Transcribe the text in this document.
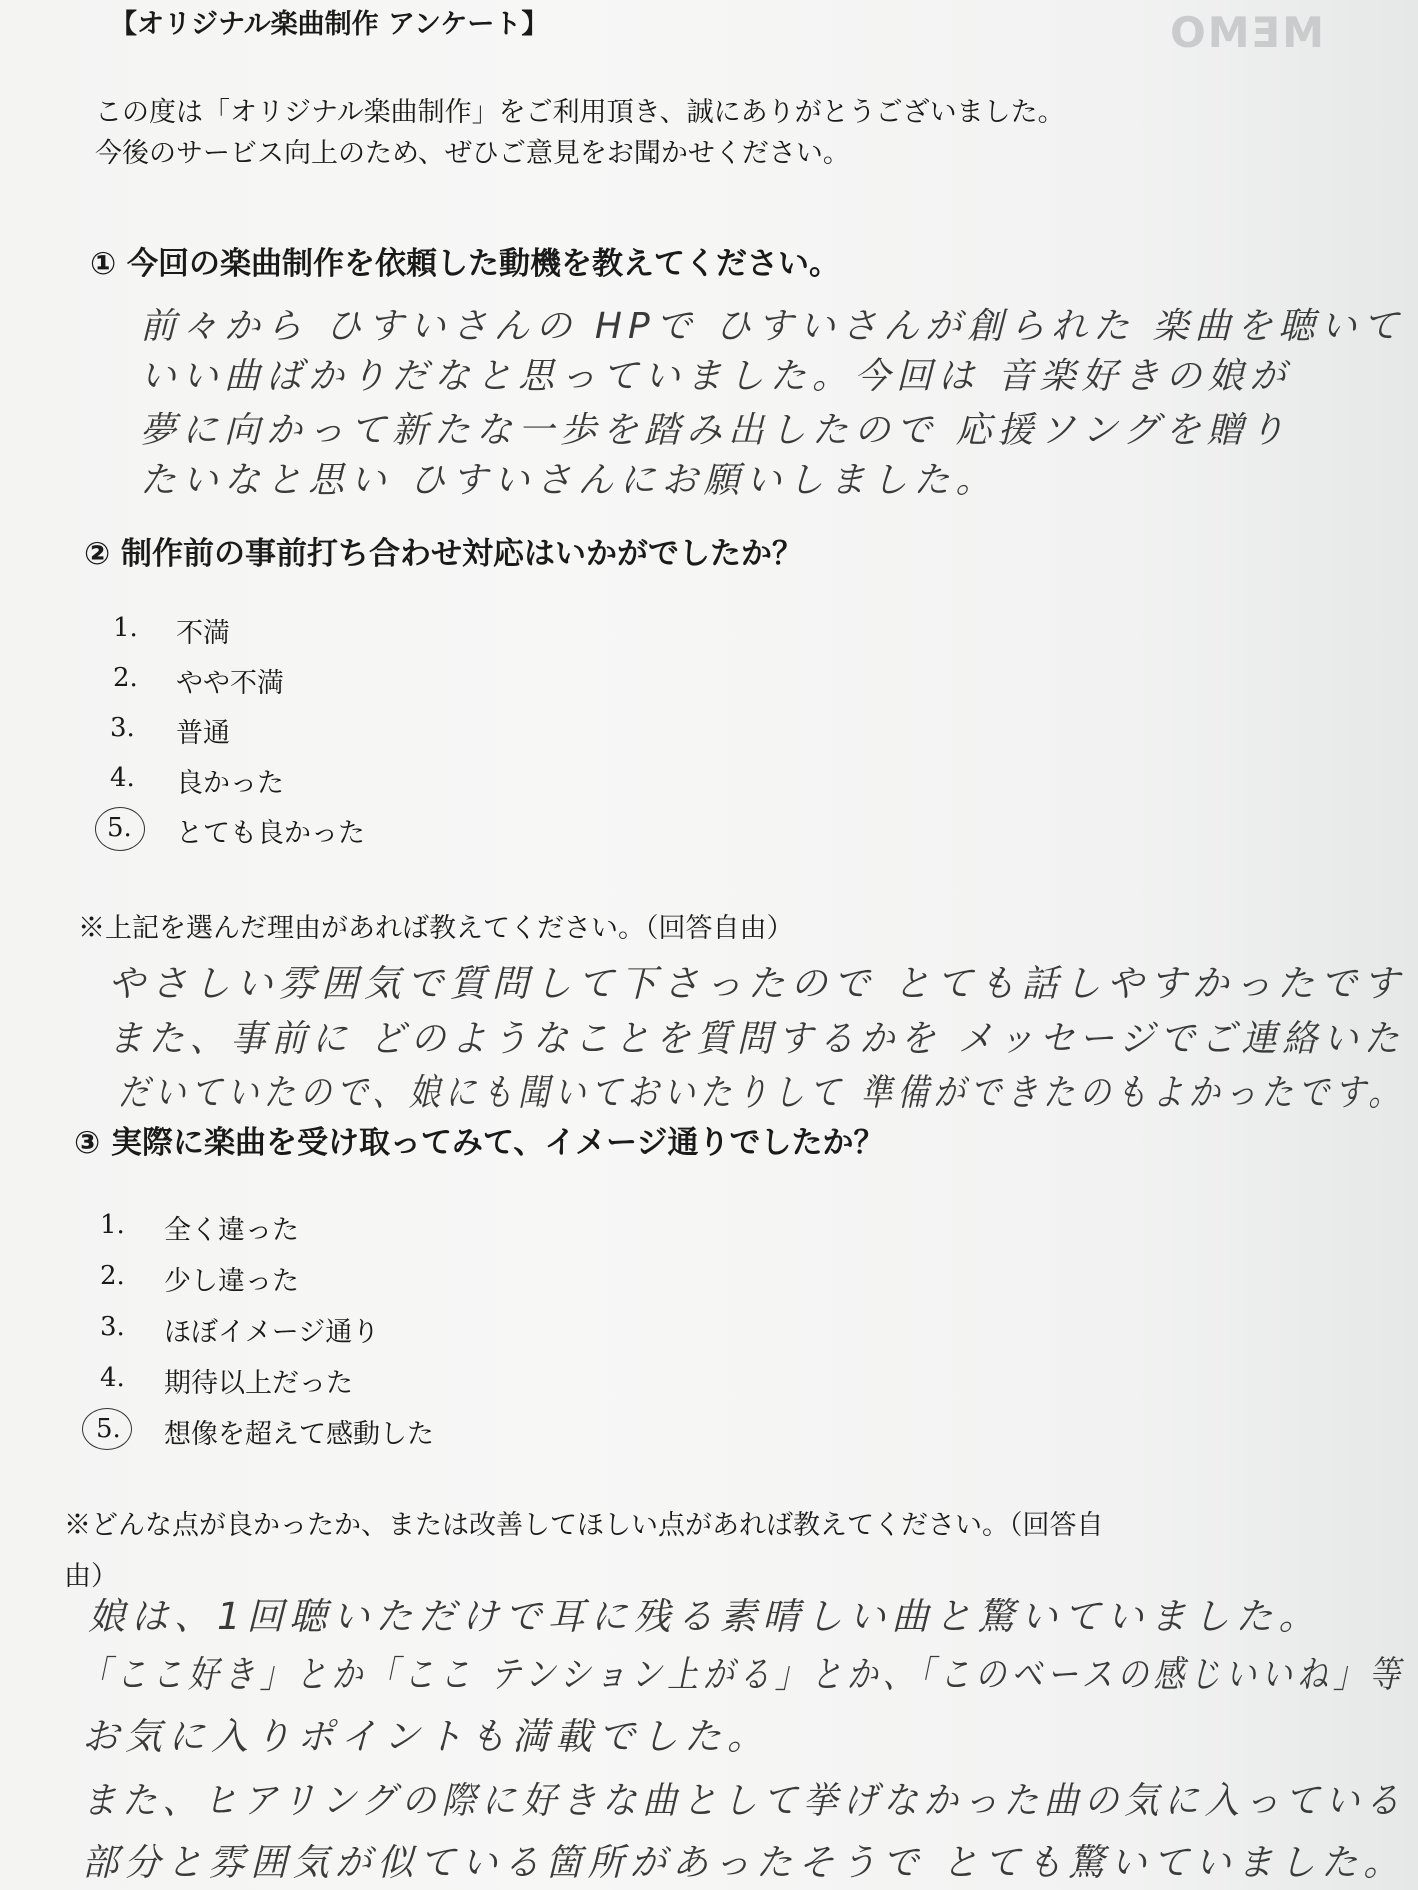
【オリジナル楽曲制作 アンケート】	MEMO
この度は「オリジナル楽曲制作」をご利用頂き、誠にありがとうございました。
今後のサービス向上のため、ぜひご意見をお聞かせください。
① 今回の楽曲制作を依頼した動機を教えてください。
前々から ひすいさんの HPで ひすいさんが創られた 楽曲を聴いて
いい曲ばかりだなと思っていました。今回は 音楽好きの娘が
夢に向かって新たな一歩を踏み出したので 応援ソングを贈り
たいなと思い ひすいさんにお願いしました。
② 制作前の事前打ち合わせ対応はいかがでしたか？
1. 不満
2. やや不満
3. 普通
4. 良かった
5. とても良かった
※上記を選んだ理由があれば教えてください。（回答自由）
やさしい雰囲気で質問して下さったので とても話しやすかったです
また、事前に どのようなことを質問するかを メッセージでご連絡いた
だいていたので、娘にも聞いておいたりして 準備ができたのもよかったです。
③ 実際に楽曲を受け取ってみて、イメージ通りでしたか？
1. 全く違った
2. 少し違った
3. ほぼイメージ通り
4. 期待以上だった
5. 想像を超えて感動した
※どんな点が良かったか、または改善してほしい点があれば教えてください。（回答自
由）
娘は、1回聴いただけで耳に残る素晴しい曲と驚いていました。
「ここ好き」とか「ここ テンション上がる」とか、「このベースの感じいいね」等
お気に入りポイントも満載でした。
また、ヒアリングの際に好きな曲として挙げなかった曲の気に入っている
部分と雰囲気が似ている箇所があったそうで とても驚いていました。
